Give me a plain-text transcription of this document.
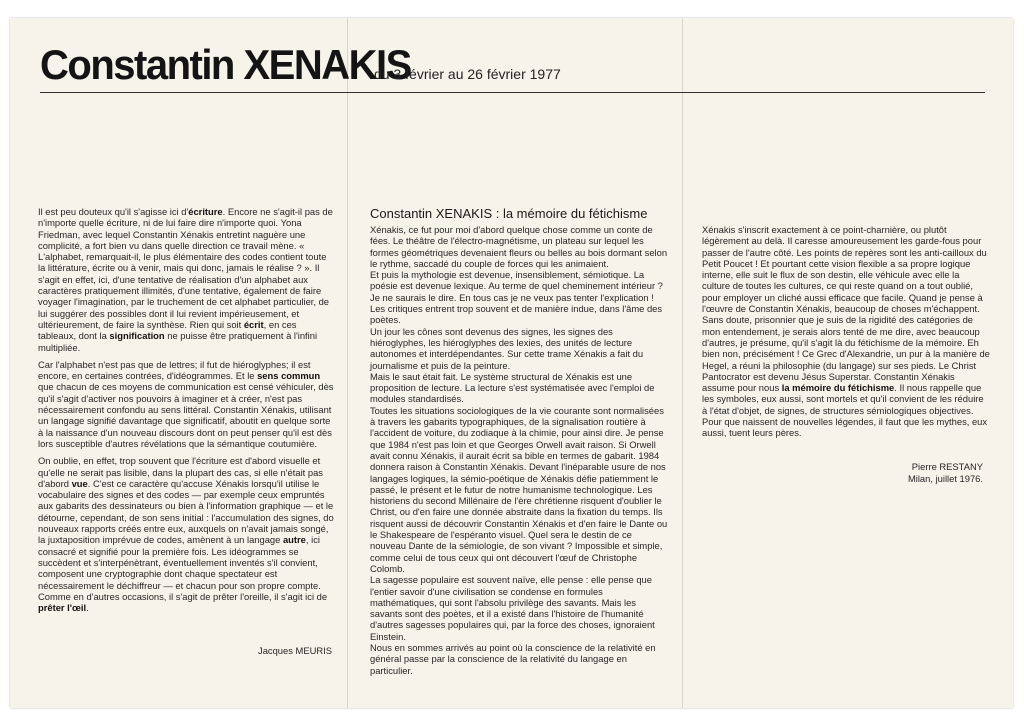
Constantin XENAKIS
du 3 février au 26 février 1977

Il est peu douteux qu'il s'agisse ici d'écriture. Encore ne s'agit-il pas de n'importe quelle écriture, ni de lui faire dire n'importe quoi. Yona Friedman, avec lequel Constantin Xénakis entretint naguère une complicité, a fort bien vu dans quelle direction ce travail mène. « L'alphabet, remarquait-il, le plus élémentaire des codes contient toute la littérature, écrite ou à venir, mais qui donc, jamais le réalise ? ». Il s'agit en effet, ici, d'une tentative de réalisation d'un alphabet aux caractères pratiquement illimités, d'une tentative, également de faire voyager l'imagination, par le truchement de cet alphabet particulier, de lui suggérer des possibles dont il lui revient impérieusement, et ultérieurement, de faire la synthèse. Rien qui soit écrit, en ces tableaux, dont la signification ne puisse être pratiquement à l'infini multipliée.

Car l'alphabet n'est pas que de lettres; il fut de hiéroglyphes; il est encore, en certaines contrées, d'idéogrammes. Et le sens commun que chacun de ces moyens de communication est censé véhiculer, dès qu'il s'agit d'activer nos pouvoirs à imaginer et à créer, n'est pas nécessairement confondu au sens littéral. Constantin Xénakis, utilisant un langage signifié davantage que significatif, aboutit en quelque sorte à la naissance d'un nouveau discours dont on peut penser qu'il est dès lors susceptible d'autres révélations que la sémantique coutumière.

On oublie, en effet, trop souvent que l'écriture est d'abord visuelle et qu'elle ne serait pas lisible, dans la plupart des cas, si elle n'était pas d'abord vue. C'est ce caractère qu'accuse Xénakis lorsqu'il utilise le vocabulaire des signes et des codes — par exemple ceux empruntés aux gabarits des dessinateurs ou bien à l'information graphique — et le détourne, cependant, de son sens initial : l'accumulation des signes, do nouveaux rapports créés entre eux, auxquels on n'avait jamais songé, la juxtaposition imprévue de codes, amènent à un langage autre, ici consacré et signifié pour la première fois. Les idéogrammes se succèdent et s'interpénètrant, éventuellement inventés s'il convient, composent une cryptographie dont chaque spectateur est nécessairement le déchiffreur — et chacun pour son propre compte. Comme en d'autres occasions, il s'agit de prêter l'oreille, il s'agit ici de prêter l'œil.

Jacques MEURIS
Constantin XENAKIS : la mémoire du fétichisme

Xénakis, ce fut pour moi d'abord quelque chose comme un conte de fées. Le théâtre de l'électro-magnétisme, un plateau sur lequel les formes géométriques devenaient fleurs ou belles au bois dormant selon le rythme, saccadé du couple de forces qui les animaient.

Et puis la mythologie est devenue, insensiblement, sémiotique. La poésie est devenue lexique. Au terme de quel cheminement intérieur ? Je ne saurais le dire. En tous cas je ne veux pas tenter l'explication ! Les critiques entrent trop souvent et de manière indue, dans l'âme des poètes.

Un jour les cônes sont devenus des signes, les signes des hiéroglyphes, les hiéroglyphes des lexies, des unités de lecture autonomes et interdépendantes. Sur cette trame Xénakis a fait du journalisme et puis de la peinture.

Mais le saut était fait. Le système structural de Xénakis est une proposition de lecture. La lecture s'est systématisée avec l'emploi de modules standardisés.

Toutes les situations sociologiques de la vie courante sont normalisées à travers les gabarits typographiques, de la signalisation routière à l'accident de voiture, du zodiaque à la chimie, pour ainsi dire. Je pense que 1984 n'est pas loin et que Georges Orwell avait raison. Si Orwell avait connu Xénakis, il aurait écrit sa bible en termes de gabarit. 1984 donnera raison à Constantin Xénakis. Devant l'inéparable usure de nos langages logiques, la sémio-poétique de Xénakis défie patiemment le passé, le présent et le futur de notre humanisme technologique. Les historiens du second Millénaire de l'ère chrétienne risquent d'oublier le Christ, ou d'en faire une donnée abstraite dans la fixation du temps. Ils risquent aussi de découvrir Constantin Xénakis et d'en faire le Dante ou le Shakespeare de l'espéranto visuel. Quel sera le destin de ce nouveau Dante de la sémiologie, de son vivant ? Impossible et simple, comme celui de tous ceux qui ont découvert l'œuf de Christophe Colomb.

La sagesse populaire est souvent naïve, elle pense : elle pense que l'entier savoir d'une civilisation se condense en formules mathématiques, qui sont l'absolu privilège des savants. Mais les savants sont des poètes, et il a existé dans l'histoire de l'humanité d'autres sagesses populaires qui, par la force des choses, ignoraient Einstein.

Nous en sommes arrivés au point où la conscience de la relativité en général passe par la conscience de la relativité du langage en particulier.

Xénakis s'inscrit exactement à ce point-charnière, ou plutôt légèrement au delà. Il caresse amoureusement les garde-fous pour passer de l'autre côté. Les points de repères sont les anti-cailloux du Petit Poucet ! Et pourtant cette vision flexible a sa propre logique interne, elle suit le flux de son destin, elle véhicule avec elle la culture de toutes les cultures, ce qui reste quand on a tout oublié, pour employer un cliché aussi efficace que facile. Quand je pense à l'œuvre de Constantin Xénakis, beaucoup de choses m'échappent. Sans doute, prisonnier que je suis de la rigidité des catégories de mon entendement, je serais alors tenté de me dire, avec beaucoup d'autres, je présume, qu'il s'agit là du fétichisme de la mémoire. Eh bien non, précisément ! Ce Grec d'Alexandrie, un pur à la manière de Hegel, a réuni la philosophie (du langage) sur ses pieds. Le Christ Pantocrator est devenu Jésus Superstar. Constantin Xénakis assume pour nous la mémoire du fétichisme. Il nous rappelle que les symboles, eux aussi, sont mortels et qu'il convient de les réduire à l'état d'objet, de signes, de structures sémiologiques objectives. Pour que naissent de nouvelles légendes, il faut que les mythes, eux aussi, tuent leurs pères.

Pierre RESTANY
Milan, juillet 1976.
